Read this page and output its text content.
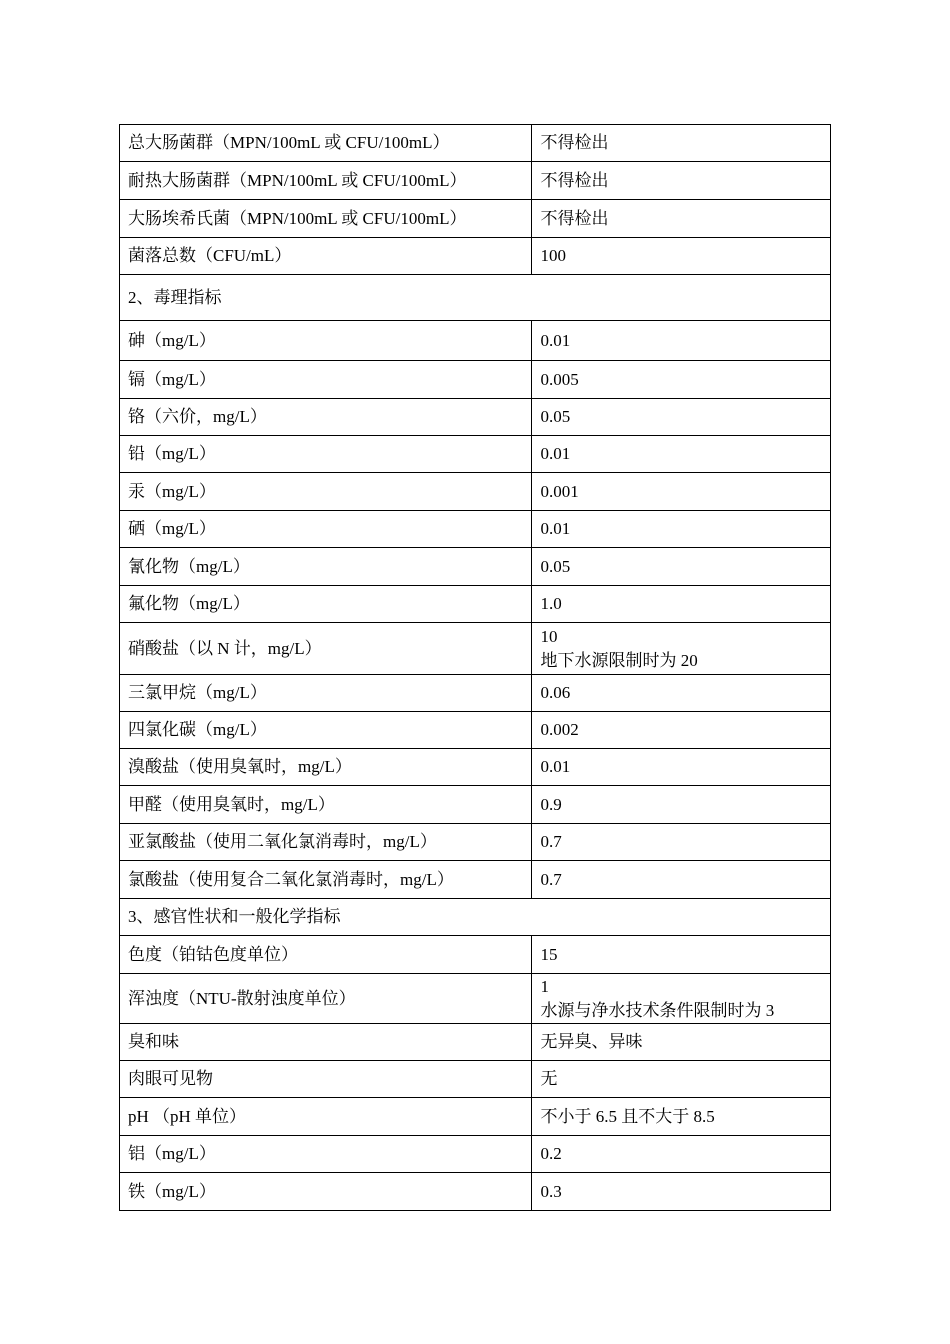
总大肠菌群（MPN/100mL 或 CFU/100mL）	不得检出
耐热大肠菌群（MPN/100mL 或 CFU/100mL）	不得检出
大肠埃希氏菌（MPN/100mL 或 CFU/100mL）	不得检出
菌落总数（CFU/mL）	100
2、毒理指标	
砷（mg/L）	0.01
镉（mg/L）	0.005
铬（六价，mg/L）	0.05
铅（mg/L）	0.01
汞（mg/L）	0.001
硒（mg/L）	0.01
氰化物（mg/L）	0.05
氟化物（mg/L）	1.0
硝酸盐（以 N 计，mg/L）	10
地下水源限制时为 20

三氯甲烷（mg/L）	0.06
四氯化碳（mg/L）	0.002
溴酸盐（使用臭氧时，mg/L）	0.01
甲醛（使用臭氧时，mg/L）	0.9
亚氯酸盐（使用二氧化氯消毒时，mg/L）	0.7
氯酸盐（使用复合二氧化氯消毒时，mg/L）	0.7
3、感官性状和一般化学指标	
色度（铂钴色度单位）	15
浑浊度（NTU-散射浊度单位）	1
水源与净水技术条件限制时为 3

臭和味	无异臭、异味
肉眼可见物	无
pH （pH 单位）	不小于 6.5 且不大于 8.5
铝（mg/L）	0.2
铁（mg/L）	0.3
